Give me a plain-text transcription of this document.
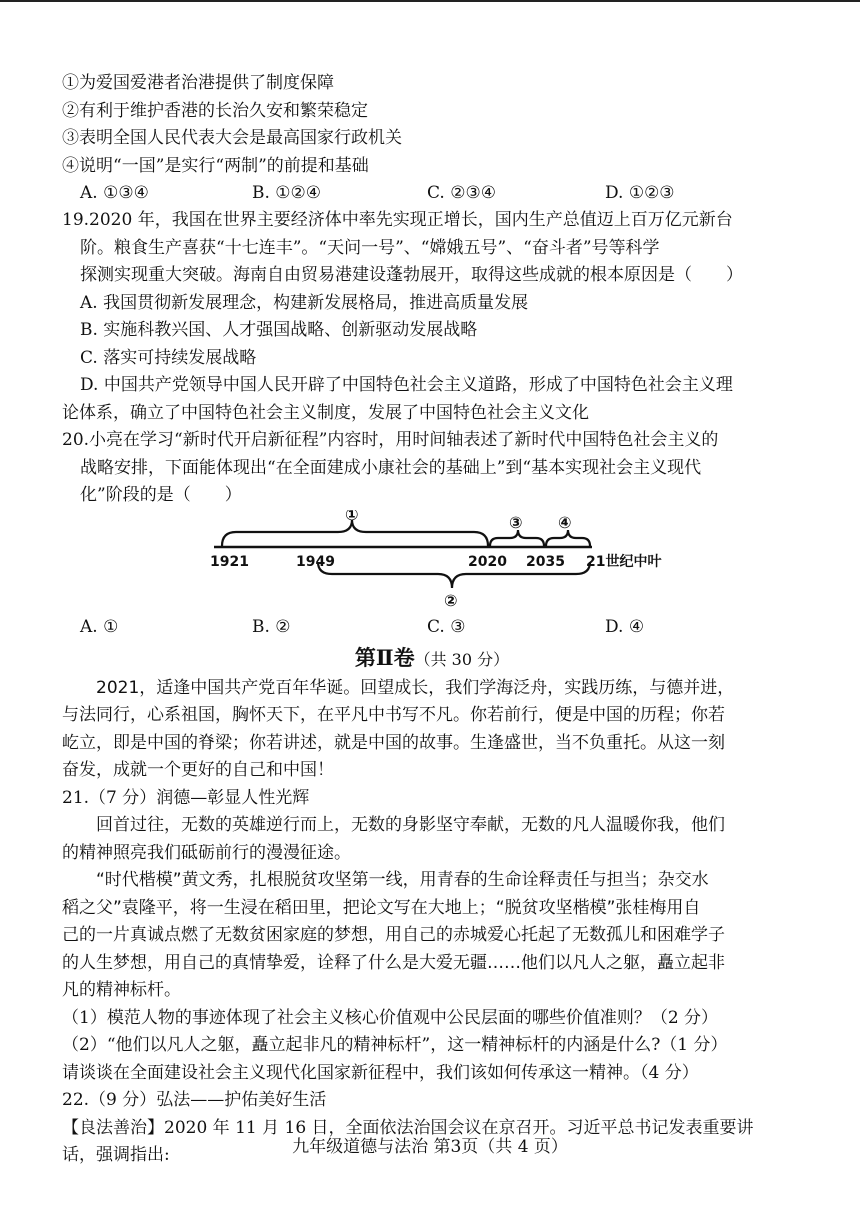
①为爱国爱港者治港提供了制度保障
②有利于维护香港的长治久安和繁荣稳定
③表明全国人民代表大会是最高国家行政机关
④说明“一国”是实行“两制”的前提和基础
A. ①③④	B. ①②④	C. ②③④	D. ①②③
19.2020 年，我国在世界主要经济体中率先实现正增长，国内生产总值迈上百万亿元新台
阶。粮食生产喜获“十七连丰”。“天问一号”、“嫦娥五号”、“奋斗者”号等科学
探测实现重大突破。海南自由贸易港建设蓬勃展开，取得这些成就的根本原因是（　　）
A. 我国贯彻新发展理念，构建新发展格局，推进高质量发展
B. 实施科教兴国、人才强国战略、创新驱动发展战略
C. 落实可持续发展战略
D. 中国共产党领导中国人民开辟了中国特色社会主义道路，形成了中国特色社会主义理
论体系，确立了中国特色社会主义制度，发展了中国特色社会主义文化
20.小亮在学习“新时代开启新征程”内容时，用时间轴表述了新时代中国特色社会主义的
战略安排，下面能体现出“在全面建成小康社会的基础上”到“基本实现社会主义现代
化”阶段的是（　　）
1921	1949	2020 2035 21世纪中叶
①	③ ④
②
A. ①	B. ②	C. ③	D. ④
第Ⅱ卷（共 30 分）
　　2021，适逢中国共产党百年华诞。回望成长，我们学海泛舟，实践历练，与德并进，
与法同行，心系祖国，胸怀天下，在平凡中书写不凡。你若前行，便是中国的历程；你若
屹立，即是中国的脊梁；你若讲述，就是中国的故事。生逢盛世，当不负重托。从这一刻
奋发，成就一个更好的自己和中国！
21.（7 分）润德—彰显人性光辉
　　回首过往，无数的英雄逆行而上，无数的身影坚守奉献，无数的凡人温暖你我，他们
的精神照亮我们砥砺前行的漫漫征途。
　　“时代楷模”黄文秀，扎根脱贫攻坚第一线，用青春的生命诠释责任与担当；杂交水
稻之父”袁隆平，将一生浸在稻田里，把论文写在大地上；“脱贫攻坚楷模”张桂梅用自
己的一片真诚点燃了无数贫困家庭的梦想，用自己的赤城爱心托起了无数孤儿和困难学子
的人生梦想，用自己的真情挚爱，诠释了什么是大爱无疆……他们以凡人之躯，矗立起非
凡的精神标杆。
（1）模范人物的事迹体现了社会主义核心价值观中公民层面的哪些价值准则？（2 分）
（2）“他们以凡人之躯，矗立起非凡的精神标杆”，这一精神标杆的内涵是什么?（1 分）
请谈谈在全面建设社会主义现代化国家新征程中，我们该如何传承这一精神。（4 分）
22.（9 分）弘法——护佑美好生活
【良法善治】2020 年 11 月 16 日，全面依法治国会议在京召开。习近平总书记发表重要讲
话，强调指出:	九年级道德与法治 第3页（共 4 页）
